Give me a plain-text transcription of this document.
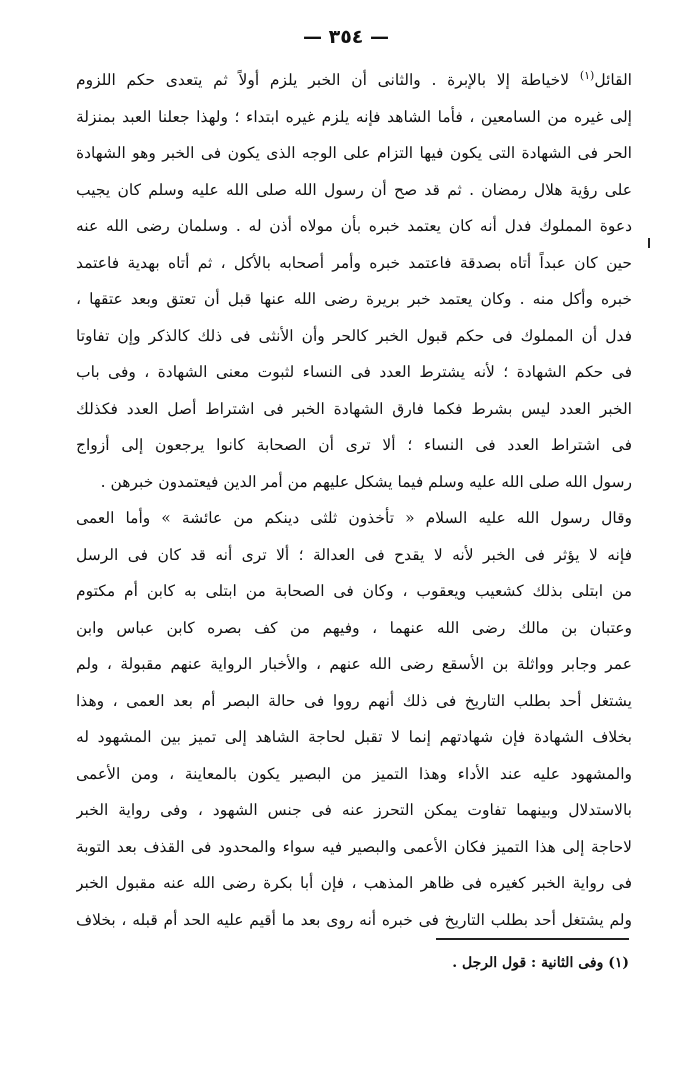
— ٣٥٤ —
القائل$^{(١)}$ لاخياطة إلا بالإبرة . والثانى أن الخبر يلزم أولاً ثم يتعدى حكم اللزوم
إلى غيره من السامعين ، فأما الشاهد فإنه يلزم غيره ابتداء ؛ ولهذا جعلنا العبد بمنزلة
الحر فى الشهادة التى يكون فيها التزام على الوجه الذى يكون فى الخبر وهو الشهادة
على رؤية هلال رمضان . ثم قد صح أن رسول الله صلى الله عليه وسلم كان يجيب
دعوة المملوك فدل أنه كان يعتمد خبره بأن مولاه أذن له . وسلمان رضى الله عنه
حين كان عبداً أتاه بصدقة فاعتمد خبره وأمر أصحابه بالأكل ، ثم أتاه بهدية فاعتمد
خبره وأكل منه . وكان يعتمد خبر بريرة رضى الله عنها قبل أن تعتق وبعد عتقها ،
فدل أن المملوك فى حكم قبول الخبر كالحر وأن الأنثى فى ذلك كالذكر وإن تفاوتا
فى حكم الشهادة ؛ لأنه يشترط العدد فى النساء لثبوت معنى الشهادة ، وفى باب
الخبر العدد ليس بشرط فكما فارق الشهادة الخبر فى اشتراط أصل العدد فكذلك
فى اشتراط العدد فى النساء ؛ ألا ترى أن الصحابة كانوا يرجعون إلى أزواج
رسول الله صلى الله عليه وسلم فيما يشكل عليهم من أمر الدين فيعتمدون خبرهن .
وقال رسول الله عليه السلام « تأخذون ثلثى دينكم من عائشة » وأما العمى
فإنه لا يؤثر فى الخبر لأنه لا يقدح فى العدالة ؛ ألا ترى أنه قد كان فى الرسل
من ابتلى بذلك كشعيب ويعقوب ، وكان فى الصحابة من ابتلى به كابن أم مكتوم
وعتبان بن مالك رضى الله عنهما ، وفيهم من كف بصره كابن عباس وابن
عمر وجابر وواثلة بن الأسقع رضى الله عنهم ، والأخبار الرواية عنهم مقبولة ، ولم
يشتغل أحد بطلب التاريخ فى ذلك أنهم رووا فى حالة البصر أم بعد العمى ، وهذا
بخلاف الشهادة فإن شهادتهم إنما لا تقبل لحاجة الشاهد إلى تميز بين المشهود له
والمشهود عليه عند الأداء وهذا التميز من البصير يكون بالمعاينة ، ومن الأعمى
بالاستدلال وبينهما تفاوت يمكن التحرز عنه فى جنس الشهود ، وفى رواية الخبر
لاحاجة إلى هذا التميز فكان الأعمى والبصير فيه سواء والمحدود فى القذف بعد التوبة
فى رواية الخبر كغيره فى ظاهر المذهب ، فإن أبا بكرة رضى الله عنه مقبول الخبر
ولم يشتغل أحد بطلب التاريخ فى خبره أنه روى بعد ما أقيم عليه الحد أم قبله ، بخلاف
(١) وفى الثانية : قول الرجل .
